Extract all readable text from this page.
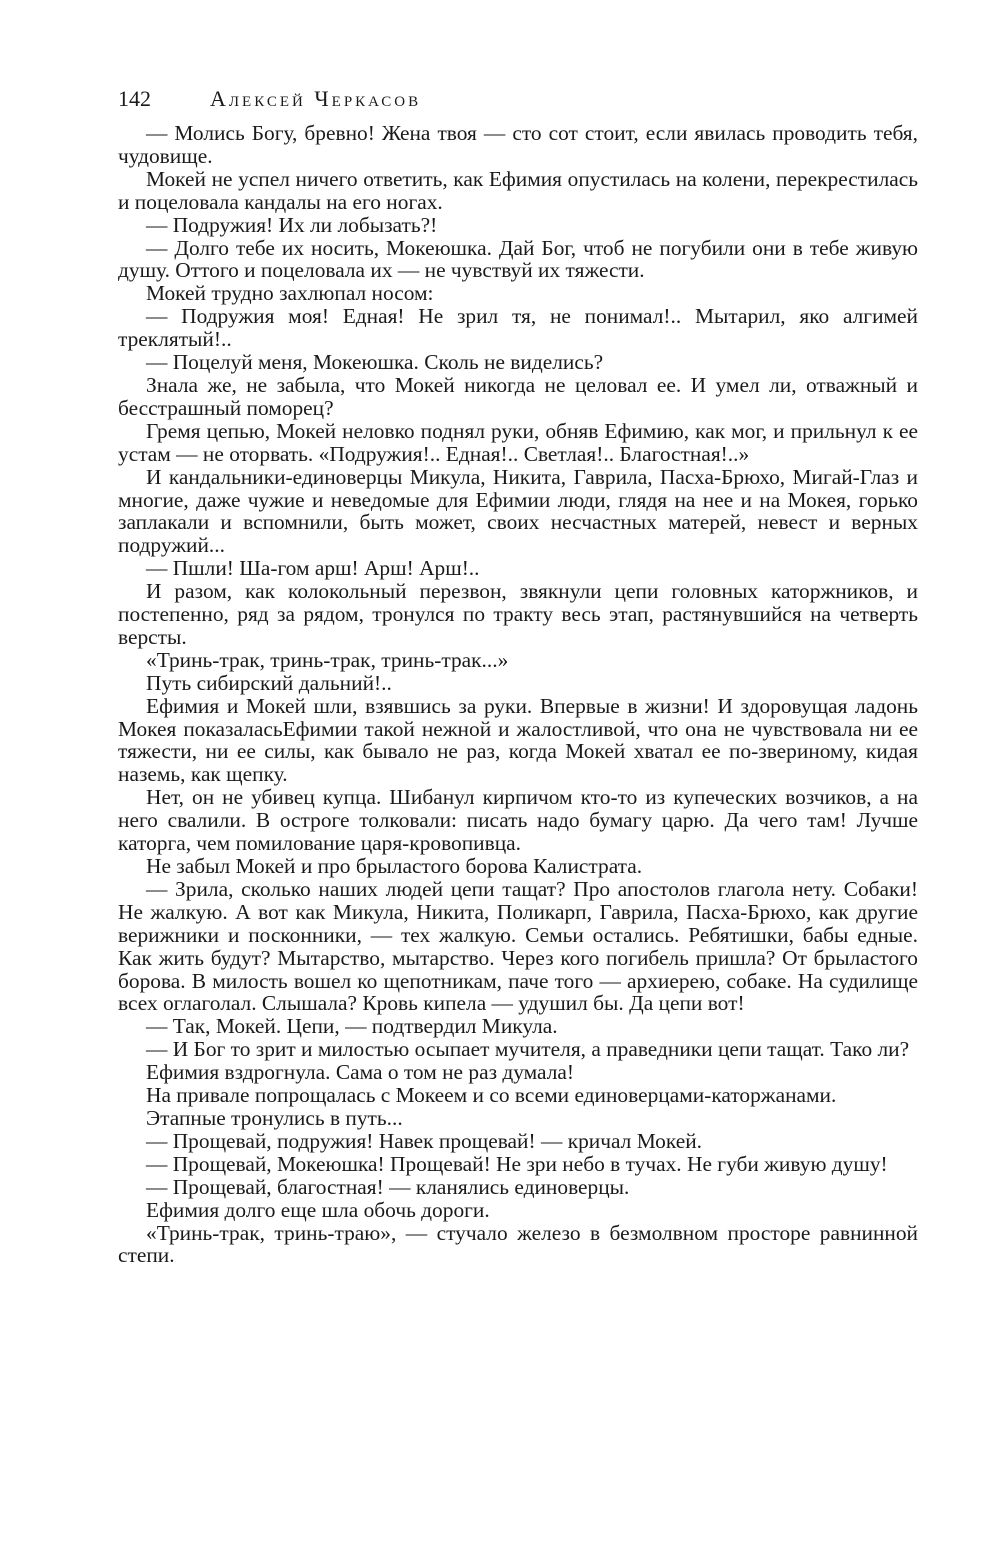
142	Алексей Черкасов

— Молись Богу, бревно! Жена твоя — сто сот стоит, если явилась проводить тебя, чудовище.

Мокей не успел ничего ответить, как Ефимия опустилась на колени, перекрестилась и поцеловала кандалы на его ногах.

— Подружия! Их ли лобызать?!

— Долго тебе их носить, Мокеюшка. Дай Бог, чтоб не погубили они в тебе живую душу. Оттого и поцеловала их — не чувствуй их тяжести.

Мокей трудно захлюпал носом:

— Подружия моя! Едная! Не зрил тя, не понимал!.. Мытарил, яко алгимей треклятый!..

— Поцелуй меня, Мокеюшка. Сколь не виделись?

Знала же, не забыла, что Мокей никогда не целовал ее. И умел ли, отважный и бесстрашный поморец?

Гремя цепью, Мокей неловко поднял руки, обняв Ефимию, как мог, и прильнул к ее устам — не оторвать. «Подружия!.. Едная!.. Светлая!.. Благостная!..»

И кандальники-единоверцы Микула, Никита, Гаврила, Пасха-Брюхо, Мигай-Глаз и многие, даже чужие и неведомые для Ефимии люди, глядя на нее и на Мокея, горько заплакали и вспомнили, быть может, своих несчастных матерей, невест и верных подружий...

— Пшли! Ша-гом арш! Арш! Арш!..

И разом, как колокольный перезвон, звякнули цепи головных каторжников, и постепенно, ряд за рядом, тронулся по тракту весь этап, растянувшийся на четверть версты.

«Тринь-трак, тринь-трак, тринь-трак...»

Путь сибирский дальний!..

Ефимия и Мокей шли, взявшись за руки. Впервые в жизни! И здоровущая ладонь Мокея показаласьЕфимии такой нежной и жалостливой, что она не чувствовала ни ее тяжести, ни ее силы, как бывало не раз, когда Мокей хватал ее по-звериному, кидая наземь, как щепку.

Нет, он не убивец купца. Шибанул кирпичом кто-то из купеческих возчиков, а на него свалили. В остроге толковали: писать надо бумагу царю. Да чего там! Лучше каторга, чем помилование царя-кровопивца.

Не забыл Мокей и про брыластого борова Калистрата.

— Зрила, сколько наших людей цепи тащат? Про апостолов глагола нету. Собаки! Не жалкую. А вот как Микула, Никита, Поликарп, Гаврила, Пасха-Брюхо, как другие верижники и посконники, — тех жалкую. Семьи остались. Ребятишки, бабы едные. Как жить будут? Мытарство, мытарство. Через кого погибель пришла? От брыластого борова. В милость вошел ко щепотникам, паче того — архиерею, собаке. На судилище всех оглаголал. Слышала? Кровь кипела — удушил бы. Да цепи вот!

— Так, Мокей. Цепи, — подтвердил Микула.

— И Бог то зрит и милостью осыпает мучителя, а праведники цепи тащат. Тако ли?

Ефимия вздрогнула. Сама о том не раз думала!

На привале попрощалась с Мокеем и со всеми единоверцами-каторжанами.

Этапные тронулись в путь...

— Прощевай, подружия! Навек прощевай! — кричал Мокей.

— Прощевай, Мокеюшка! Прощевай! Не зри небо в тучах. Не губи живую душу!

— Прощевай, благостная! — кланялись единоверцы.

Ефимия долго еще шла обочь дороги.

«Тринь-трак, тринь-траю», — стучало железо в безмолвном просторе равнинной степи.
